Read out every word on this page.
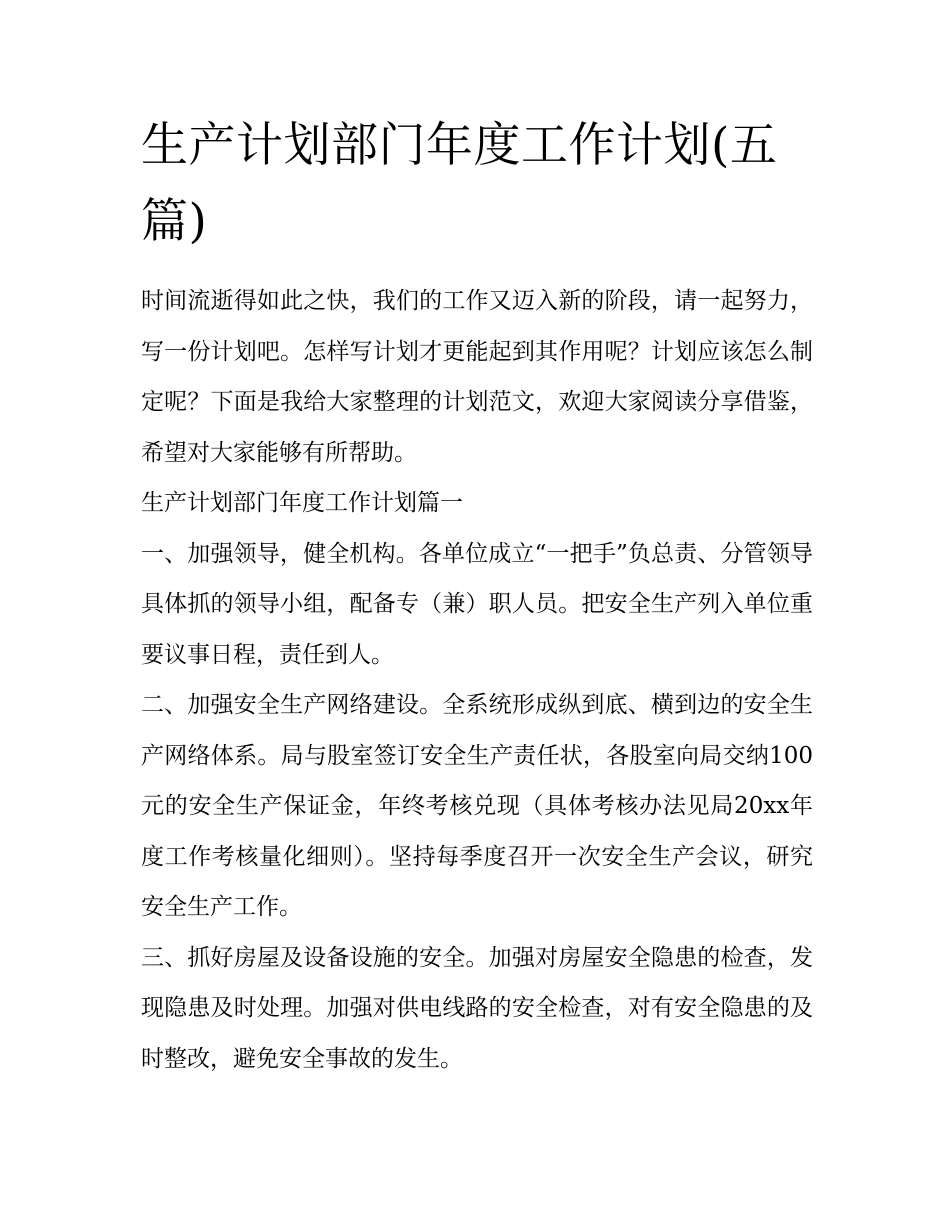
生产计划部门年度工作计划(五篇)

时间流逝得如此之快，我们的工作又迈入新的阶段，请一起努力，写一份计划吧。怎样写计划才更能起到其作用呢？计划应该怎么制定呢？下面是我给大家整理的计划范文，欢迎大家阅读分享借鉴，希望对大家能够有所帮助。

生产计划部门年度工作计划篇一

一、加强领导，健全机构。各单位成立“一把手”负总责、分管领导具体抓的领导小组，配备专（兼）职人员。把安全生产列入单位重要议事日程，责任到人。

二、加强安全生产网络建设。全系统形成纵到底、横到边的安全生产网络体系。局与股室签订安全生产责任状，各股室向局交纳100元的安全生产保证金，年终考核兑现（具体考核办法见局20xx年度工作考核量化细则）。坚持每季度召开一次安全生产会议，研究安全生产工作。

三、抓好房屋及设备设施的安全。加强对房屋安全隐患的检查，发现隐患及时处理。加强对供电线路的安全检查，对有安全隐患的及时整改，避免安全事故的发生。
